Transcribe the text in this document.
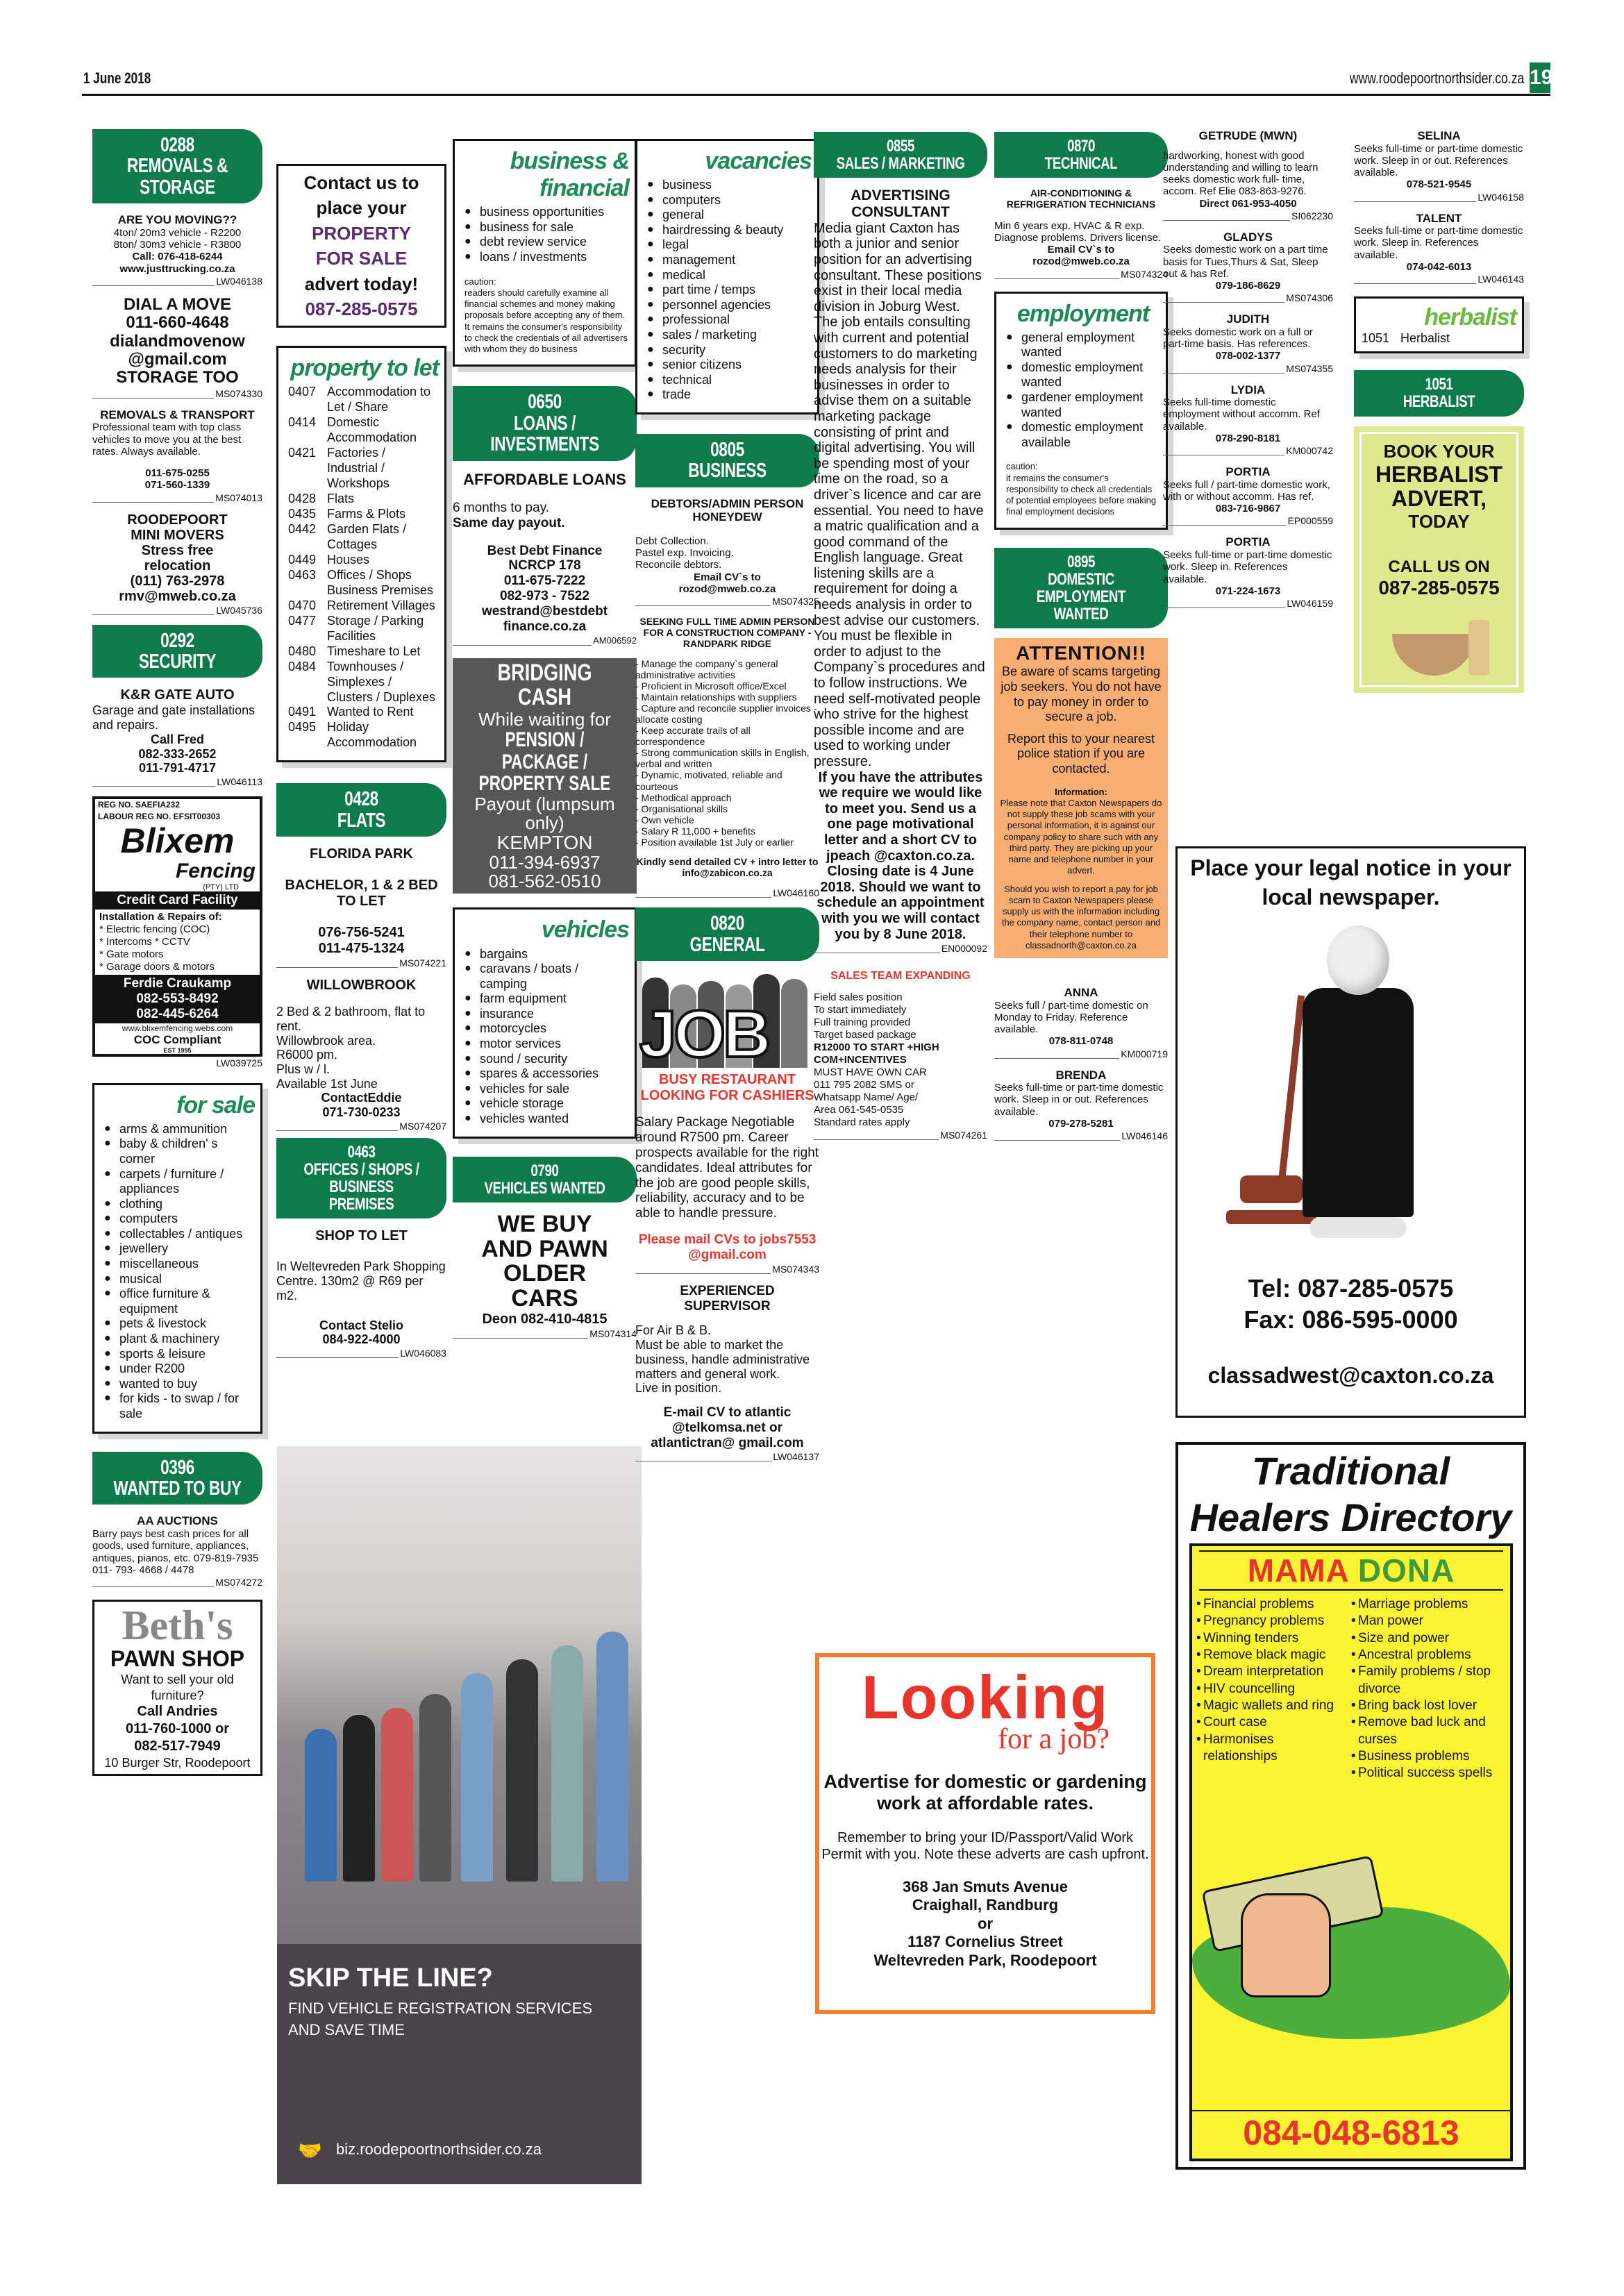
1 June 2018	www.roodepoortnorthsider.co.za 19
0288
REMOVALS & STORAGE
ARE YOU MOVING??
4ton/ 20m3 vehicle - R2200
8ton/ 30m3 vehicle - R3800
Call: 076-418-6244
www.justtrucking.co.za
LW046138
DIAL A MOVE
011-660-4648
dialandmovenow
@gmail.com
STORAGE TOO
MS074330
REMOVALS & TRANSPORT
Professional team with top class vehicles to move you at the best rates. Always available.
011-675-0255
071-560-1339
MS074013
ROODEPOORT
MINI MOVERS
Stress free
relocation
(011) 763-2978
rmv@mweb.co.za
LW045736
0292
SECURITY
K&R GATE AUTO
Garage and gate installations and repairs.
Call Fred
082-333-2652
011-791-4717
LW046113
REG NO. SAEFIA232
LABOUR REG NO. EFSIT00303
Blixem
Fencing
(PTY) LTD
Credit Card Facility
Installation & Repairs of:
* Electric fencing (COC)
* Intercoms * CCTV
* Gate motors
* Garage doors & motors
Ferdie Craukamp
082-553-8492
082-445-6264
www.blixemfencing.webs.com
COC Compliant
EST 1995
LW039725
for sale
● arms & ammunition
● baby & children' s corner
● carpets / furniture / appliances
● clothing
● computers
● collectables / antiques
● jewellery
● miscellaneous
● musical
● office furniture & equipment
● pets & livestock
● plant & machinery
● sports & leisure
● under R200
● wanted to buy
● for kids - to swap / for sale
0396
WANTED TO BUY
AA AUCTIONS
Barry pays best cash prices for all goods, used furniture, appliances, antiques, pianos, etc. 079-819-7935 011- 793- 4668 / 4478
MS074272
Beth's
PAWN SHOP
Want to sell your old furniture?
Call Andries
011-760-1000 or
082-517-7949
10 Burger Str, Roodepoort
Contact us to
place your
PROPERTY
FOR SALE
advert today!
087-285-0575
property to let
0407 Accommodation to Let / Share
0414 Domestic Accommodation
0421 Factories / Industrial / Workshops
0428 Flats
0435 Farms & Plots
0442 Garden Flats / Cottages
0449 Houses
0463 Offices / Shops Business Premises
0470 Retirement Villages
0477 Storage / Parking Facilities
0480 Timeshare to Let
0484 Townhouses / Simplexes / Clusters / Duplexes
0491 Wanted to Rent
0495 Holiday Accommodation
0428
FLATS
FLORIDA PARK
BACHELOR, 1 & 2 BED TO LET
076-756-5241
011-475-1324
MS074221
WILLOWBROOK
2 Bed & 2 bathroom, flat to rent.
Willowbrook area.
R6000 pm.
Plus w / l.
Available 1st June
ContactEddie
071-730-0233
MS074207
0463
OFFICES / SHOPS / BUSINESS PREMISES
SHOP TO LET
In Weltevreden Park Shopping Centre. 130m2 @ R69 per m2.
Contact Stelio
084-922-4000
LW046083
SKIP THE LINE?
FIND VEHICLE REGISTRATION SERVICES AND SAVE TIME
🤝 biz.roodepoortnorthsider.co.za
business & financial
● business opportunities
● business for sale
● debt review service
● loans / investments
caution:
readers should carefully examine all financial schemes and money making proposals before accepting any of them. It remains the consumer's responsibility to check the credentials of all advertisers with whom they do business
0650
LOANS / INVESTMENTS
AFFORDABLE LOANS
6 months to pay.
Same day payout.
Best Debt Finance
NCRCP 178
011-675-7222
082-973 - 7522
westrand@bestdebt finance.co.za
AM006592
BRIDGING CASH
While waiting for
PENSION / PACKAGE / PROPERTY SALE
Payout (lumpsum only)
KEMPTON
011-394-6937
081-562-0510
vehicles
● bargains
● caravans / boats / camping
● farm equipment
● insurance
● motorcycles
● motor services
● sound / security
● spares & accessories
● vehicles for sale
● vehicle storage
● vehicles wanted
0790
VEHICLES WANTED
WE BUY
AND PAWN
OLDER
CARS
Deon 082-410-4815
MS074314
vacancies
● business
● computers
● general
● hairdressing & beauty
● legal
● management
● medical
● part time / temps
● personnel agencies
● professional
● sales / marketing
● security
● senior citizens
● technical
● trade
0805
BUSINESS
DEBTORS/ADMIN PERSON HONEYDEW
Debt Collection.
Pastel exp. Invoicing.
Reconcile debtors.
Email CV`s to
rozod@mweb.co.za
MS074325
SEEKING FULL TIME ADMIN PERSON FOR A CONSTRUCTION COMPANY - RANDPARK RIDGE
- Manage the company`s general administrative activities
- Proficient in Microsoft office/Excel
- Maintain relationships with suppliers
- Capture and reconcile supplier invoices - allocate costing
- Keep accurate trails of all correspondence
- Strong communication skills in English, verbal and written
- Dynamic, motivated, reliable and courteous
- Methodical approach
- Organisational skills
- Own vehicle
- Salary R 11,000 + benefits
- Position available 1st July or earlier
Kindly send detailed CV + intro letter to info@zabicon.co.za
LW046160
0820
GENERAL
JOB
BUSY RESTAURANT LOOKING FOR CASHIERS
Salary Package Negotiable around R7500 pm. Career prospects available for the right candidates. Ideal attributes for the job are good people skills, reliability, accuracy and to be able to handle pressure.
Please mail CVs to jobs7553 @gmail.com
MS074343
EXPERIENCED SUPERVISOR
For Air B & B.
Must be able to market the business, handle administrative matters and general work.
Live in position.
E-mail CV to atlantic @telkomsa.net or atlantictran@ gmail.com
LW046137
0855
SALES / MARKETING
ADVERTISING CONSULTANT
Media giant Caxton has both a junior and senior position for an advertising consultant. These positions exist in their local media division in Joburg West. The job entails consulting with current and potential customers to do marketing needs analysis for their businesses in order to advise them on a suitable marketing package consisting of print and digital advertising. You will be spending most of your time on the road, so a driver`s licence and car are essential. You need to have a matric qualification and a good command of the English language. Great listening skills are a requirement for doing a needs analysis in order to best advise our customers. You must be flexible in order to adjust to the Company`s procedures and to follow instructions. We need self-motivated people who strive for the highest possible income and are used to working under pressure.
If you have the attributes we require we would like to meet you. Send us a one page motivational letter and a short CV to jpeach @caxton.co.za. Closing date is 4 June 2018. Should we want to schedule an appointment with you we will contact you by 8 June 2018.
EN000092
SALES TEAM EXPANDING
Field sales position
To start immediately
Full training provided
Target based package
R12000 TO START +HIGH COM+INCENTIVES
MUST HAVE OWN CAR
011 795 2082 SMS or
Whatsapp Name/ Age/
Area 061-545-0535
Standard rates apply
MS074261
Looking
for a job?
Advertise for domestic or gardening work at affordable rates.
Remember to bring your ID/Passport/Valid Work Permit with you. Note these adverts are cash upfront.
368 Jan Smuts Avenue
Craighall, Randburg
or
1187 Cornelius Street
Weltevreden Park, Roodepoort
0870
TECHNICAL
AIR-CONDITIONING & REFRIGERATION TECHNICIANS
Min 6 years exp. HVAC & R exp. Diagnose problems. Drivers license.
Email CV`s to
rozod@mweb.co.za
MS074324
employment
● general employment wanted
● domestic employment wanted
● gardener employment wanted
● domestic employment available
caution:
it remains the consumer's responsibility to check all credentials of potential employees before making final employment decisions
0895
DOMESTIC EMPLOYMENT WANTED
ATTENTION!!
Be aware of scams targeting job seekers. You do not have to pay money in order to secure a job.
Report this to your nearest police station if you are contacted.
Information:
Please note that Caxton Newspapers do not supply these job scams with your personal information, it is against our company policy to share such with any third party. They are picking up your name and telephone number in your advert.
Should you wish to report a pay for job scam to Caxton Newspapers please supply us with the information including the company name, contact person and their telephone number to classadnorth@caxton.co.za
ANNA
Seeks full / part-time domestic on Monday to Friday. Reference available.
078-811-0748
KM000719
BRENDA
Seeks full-time or part-time domestic work. Sleep in or out. References available.
079-278-5281
LW046146
GETRUDE (MWN)
hardworking, honest with good understanding and willing to learn seeks domestic work full- time, accom. Ref Elie 083-863-9276.
Direct 061-953-4050
SI062230
GLADYS
Seeks domestic work on a part time basis for Tues,Thurs & Sat, Sleep out & has Ref.
079-186-8629
MS074306
JUDITH
Seeks domestic work on a full or part-time basis. Has references.
078-002-1377
MS074355
LYDIA
Seeks full-time domestic employment without accomm. Ref available.
078-290-8181
KM000742
PORTIA
Seeks full / part-time domestic work, with or without accomm. Has ref.
083-716-9867
EP000559
PORTIA
Seeks full-time or part-time domestic work. Sleep in. References available.
071-224-1673
LW046159
SELINA
Seeks full-time or part-time domestic work. Sleep in or out. References available.
078-521-9545
LW046158
TALENT
Seeks full-time or part-time domestic work. Sleep in. References available.
074-042-6013
LW046143
herbalist
1051 Herbalist
1051
HERBALIST
BOOK YOUR
HERBALIST
ADVERT,
TODAY
CALL US ON
087-285-0575
Place your legal notice in your local newspaper.
Tel: 087-285-0575
Fax: 086-595-0000
classadwest@caxton.co.za
Traditional Healers Directory
MAMA DONA
• Financial problems
• Pregnancy problems
• Winning tenders
• Remove black magic
• Dream interpretation
• HIV councelling
• Magic wallets and ring
• Court case
• Harmonises relationships
• Marriage problems
• Man power
• Size and power
• Ancestral problems
• Family problems / stop divorce
• Bring back lost lover
• Remove bad luck and curses
• Business problems
• Political success spells
084-048-6813
